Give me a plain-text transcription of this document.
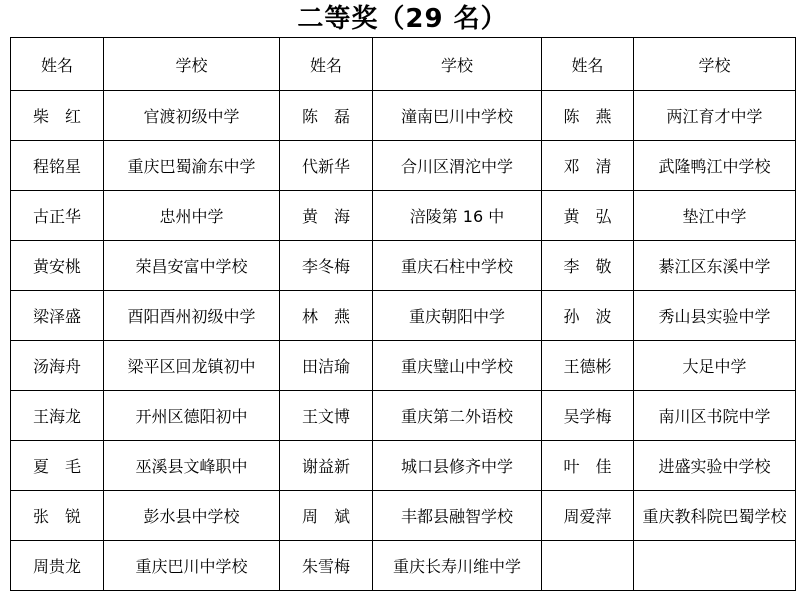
二等奖（29 名）
姓名	学校	姓名	学校	姓名	学校
柴　红	官渡初级中学	陈　磊	潼南巴川中学校	陈　燕	两江育才中学
程铭星	重庆巴蜀渝东中学	代新华	合川区渭沱中学	邓　清	武隆鸭江中学校
古正华	忠州中学	黄　海	涪陵第 16 中	黄　弘	垫江中学
黄安桃	荣昌安富中学校	李冬梅	重庆石柱中学校	李　敬	綦江区东溪中学
梁泽盛	酉阳酉州初级中学	林　燕	重庆朝阳中学	孙　波	秀山县实验中学
汤海舟	梁平区回龙镇初中	田洁瑜	重庆璧山中学校	王德彬	大足中学
王海龙	开州区德阳初中	王文博	重庆第二外语校	吴学梅	南川区书院中学
夏　毛	巫溪县文峰职中	谢益新	城口县修齐中学	叶　佳	进盛实验中学校
张　锐	彭水县中学校	周　斌	丰都县融智学校	周爱萍	重庆教科院巴蜀学校
周贵龙	重庆巴川中学校	朱雪梅	重庆长寿川维中学		
